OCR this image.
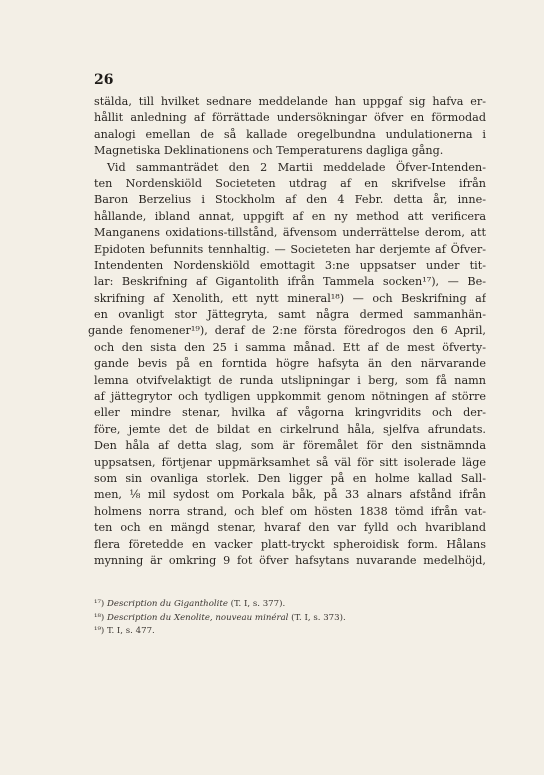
26
stälda, till hvilket sednare meddelande han uppgaf sig hafva er-
hållit anledning af förrättade undersökningar öfver en förmodad
analogi emellan de så kallade oregelbundna undulationerna i
Magnetiska Deklinationens och Temperaturens dagliga gång.
Vid sammanträdet den 2 Martii meddelade Öfver-Intenden-
ten Nordenskiöld Societeten utdrag af en skrifvelse ifrån
Baron Berzelius i Stockholm af den 4 Febr. detta år, inne-
hållande, ibland annat, uppgift af en ny method att verificera
Manganens oxidations-tillstånd, äfvensom underrättelse derom, att
Epidoten befunnits tennhaltig. — Societeten har derjemte af Öfver-
Intendenten Nordenskiöld emottagit 3:ne uppsatser under tit-
lar: Beskrifning af Gigantolith ifrån Tammela socken¹⁷), — Be-
skrifning af Xenolith, ett nytt mineral¹⁸) — och Beskrifning af
en ovanligt stor Jättegryta, samt några dermed sammanhän-
gande fenomener¹⁹), deraf de 2:ne första föredrogos den 6 April,
och den sista den 25 i samma månad. Ett af de mest öfverty-
gande bevis på en forntida högre hafsyta än den närvarande
lemna otvifvelaktigt de runda utslipningar i berg, som få namn
af jättegrytor och tydligen uppkommit genom nötningen af större
eller mindre stenar, hvilka af vågorna kringvridits och der-
före, jemte det de bildat en cirkelrund håla, sjelfva afrundats.
Den håla af detta slag, som är föremålet för den sistnämnda
uppsatsen, förtjenar uppmärksamhet så väl för sitt isolerade läge
som sin ovanliga storlek. Den ligger på en holme kallad Sall-
men, ⅛ mil sydost om Porkala båk, på 33 alnars afstånd ifrån
holmens norra strand, och blef om hösten 1838 tömd ifrån vat-
ten och en mängd stenar, hvaraf den var fylld och hvaribland
flera företedde en vacker platt-tryckt spheroidisk form. Hålans
mynning är omkring 9 fot öfver hafsytans nuvarande medelhöjd,
¹⁷) Description du Gigantholite (T. I, s. 377).
¹⁸) Description du Xenolite, nouveau minéral (T. I, s. 373).
¹⁹) T. I, s. 477.
